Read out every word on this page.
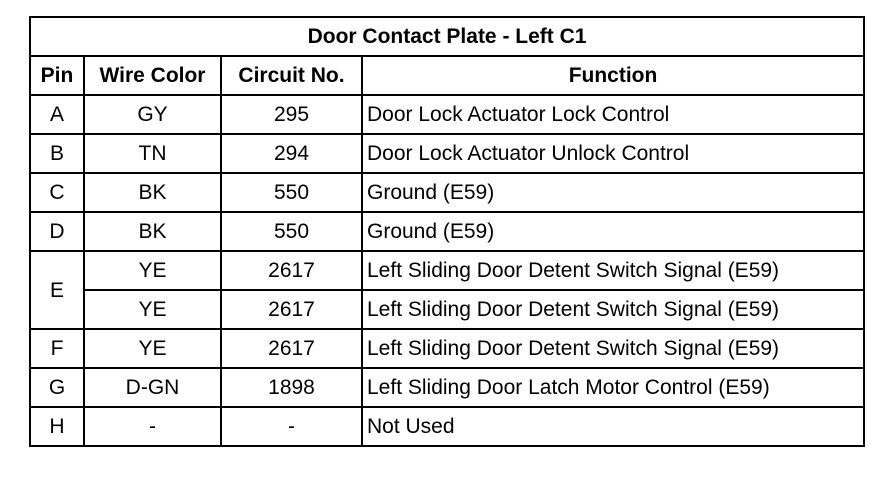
Door Contact Plate - Left C1			
Pin	Wire Color	Circuit No.	Function
A	GY	295	Door Lock Actuator Lock Control
B	TN	294	Door Lock Actuator Unlock Control
C	BK	550	Ground (E59)
D	BK	550	Ground (E59)
E	YE	2617	Left Sliding Door Detent Switch Signal (E59)
	YE	2617	Left Sliding Door Detent Switch Signal (E59)
F	YE	2617	Left Sliding Door Detent Switch Signal (E59)
G	D-GN	1898	Left Sliding Door Latch Motor Control (E59)
H	-	-	Not Used
